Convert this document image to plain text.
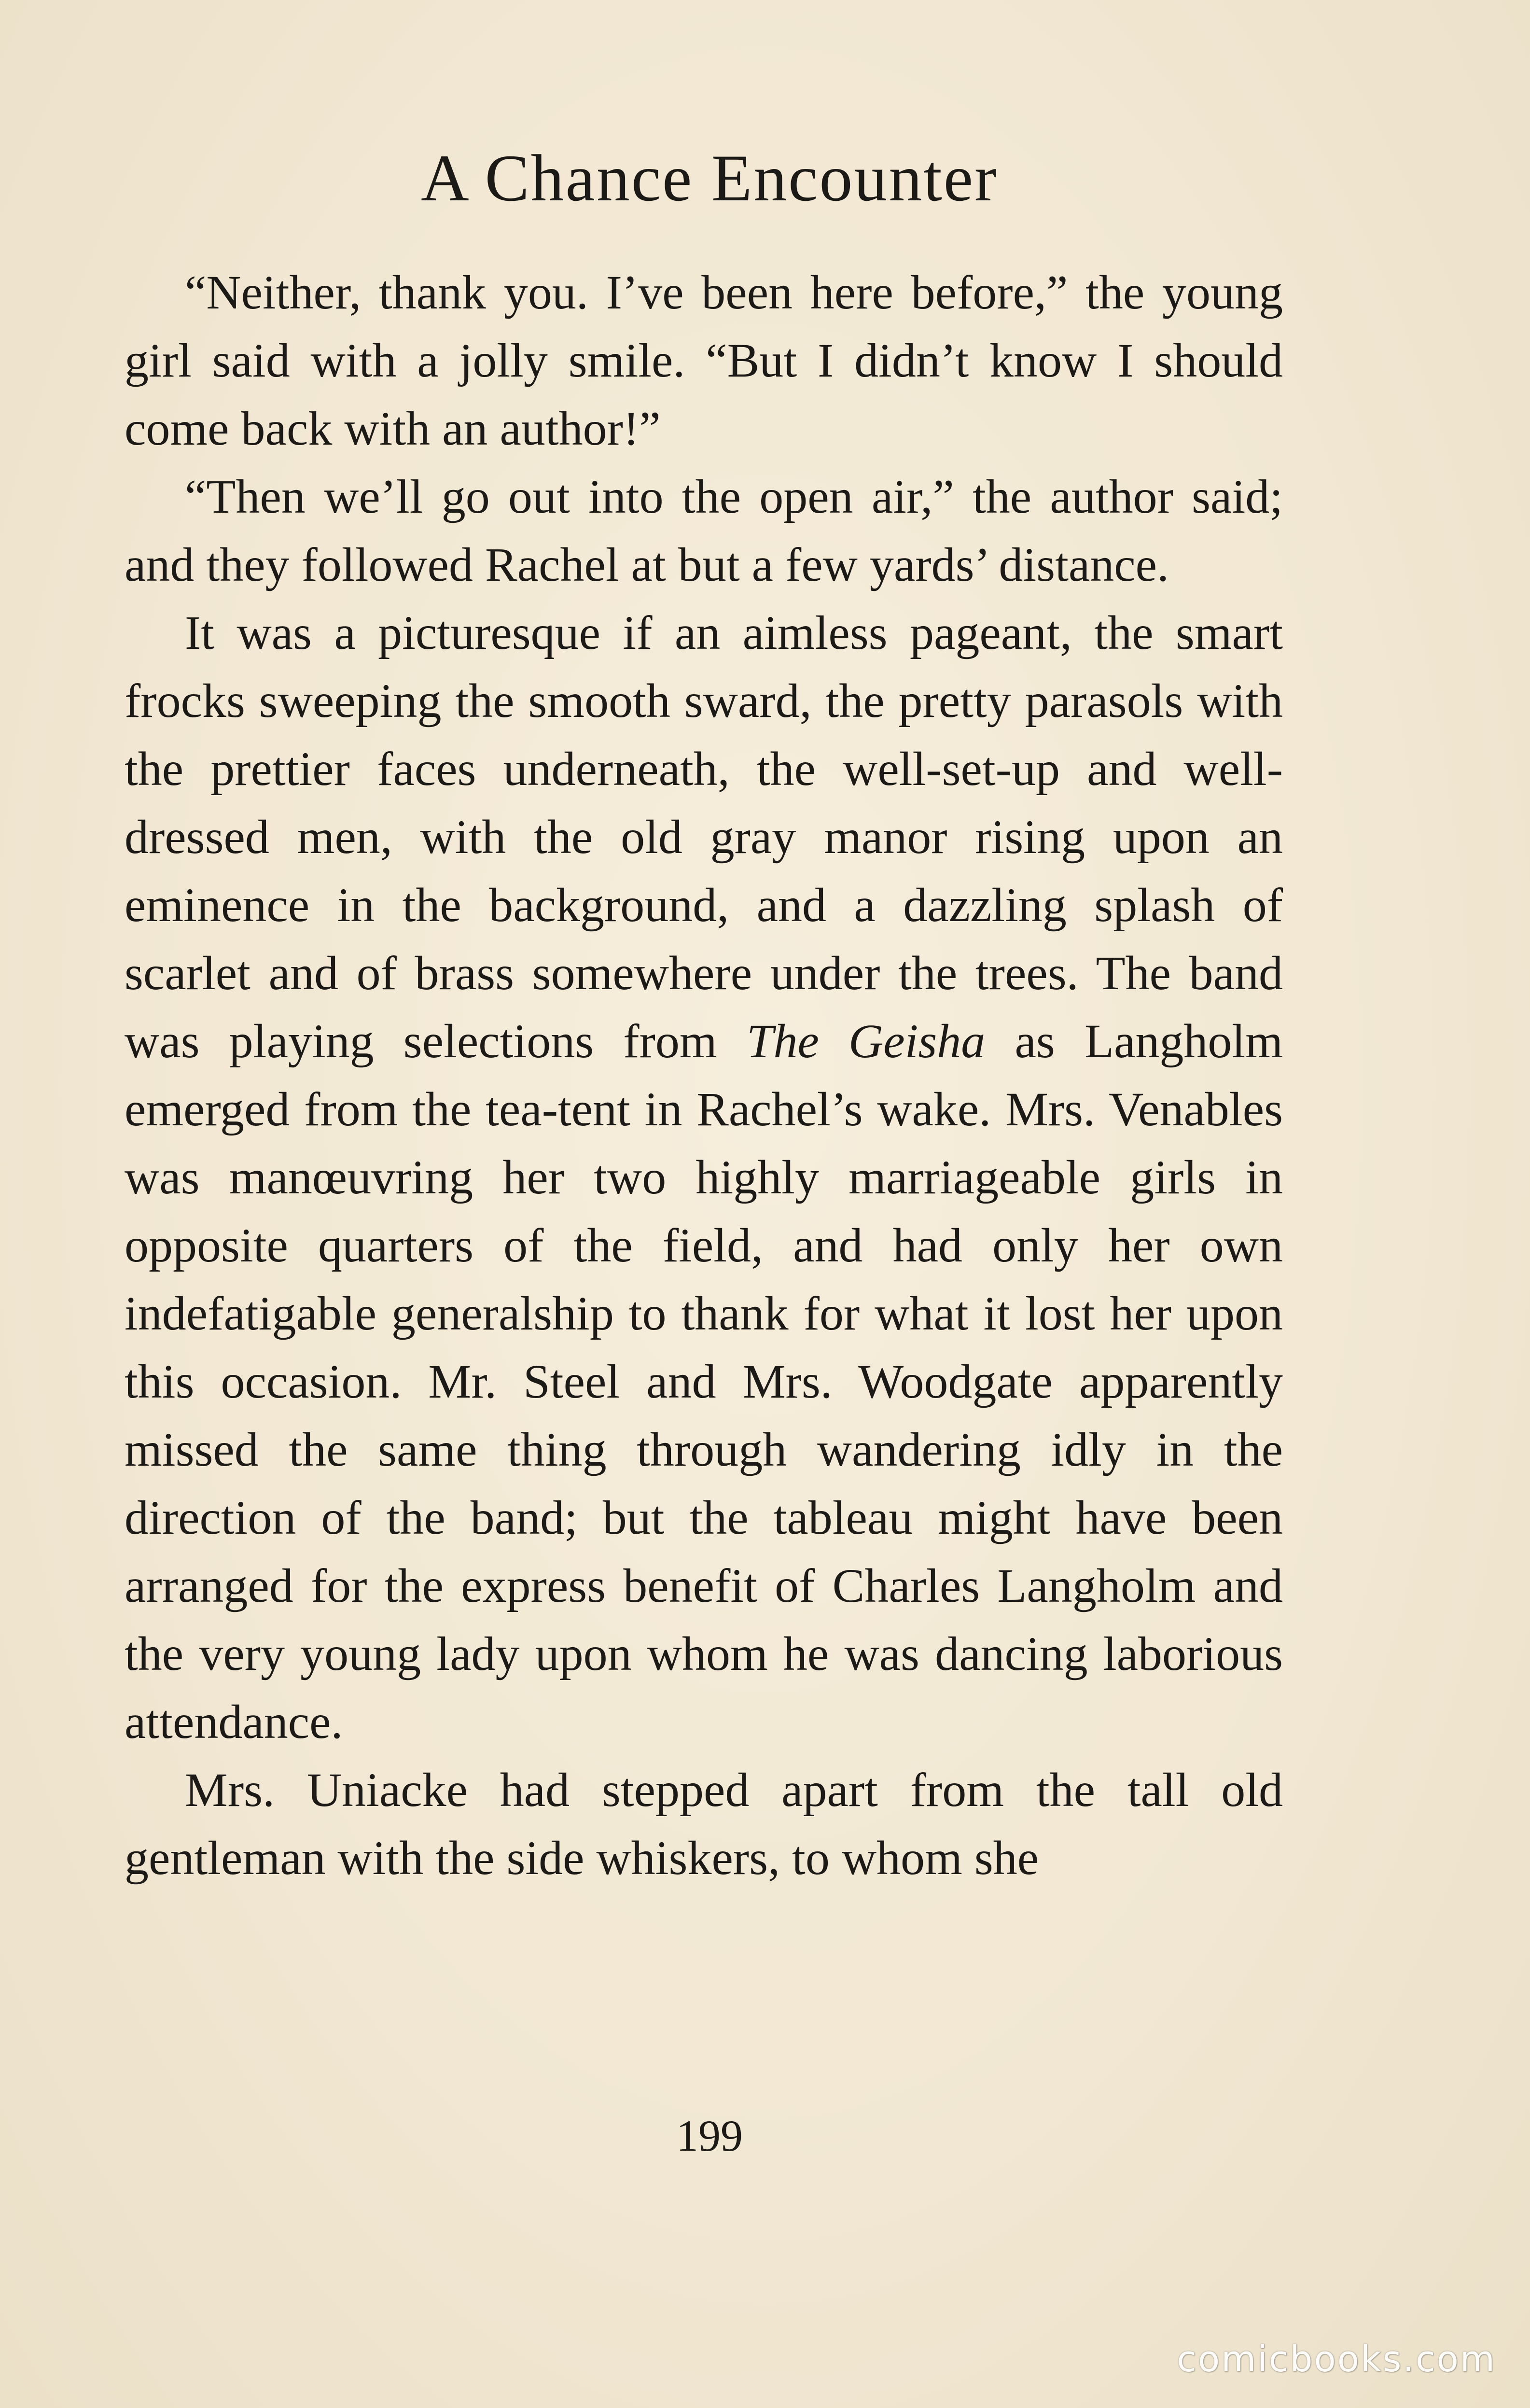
A Chance Encounter

“Neither, thank you. I’ve been here before,” the young girl said with a jolly smile. “But I didn’t know I should come back with an author!”

“Then we’ll go out into the open air,” the author said; and they followed Rachel at but a few yards’ distance.

It was a picturesque if an aimless pageant, the smart frocks sweeping the smooth sward, the pretty parasols with the prettier faces underneath, the well-set-up and well-dressed men, with the old gray manor rising upon an eminence in the background, and a dazzling splash of scarlet and of brass somewhere under the trees. The band was playing selections from The Geisha as Langholm emerged from the tea-tent in Rachel’s wake. Mrs. Venables was manœuvring her two highly marriageable girls in opposite quarters of the field, and had only her own indefatigable generalship to thank for what it lost her upon this occasion. Mr. Steel and Mrs. Woodgate apparently missed the same thing through wandering idly in the direction of the band; but the tableau might have been arranged for the express benefit of Charles Langholm and the very young lady upon whom he was dancing laborious attendance.

Mrs. Uniacke had stepped apart from the tall old gentleman with the side whiskers, to whom she

199
comicbooks.com
